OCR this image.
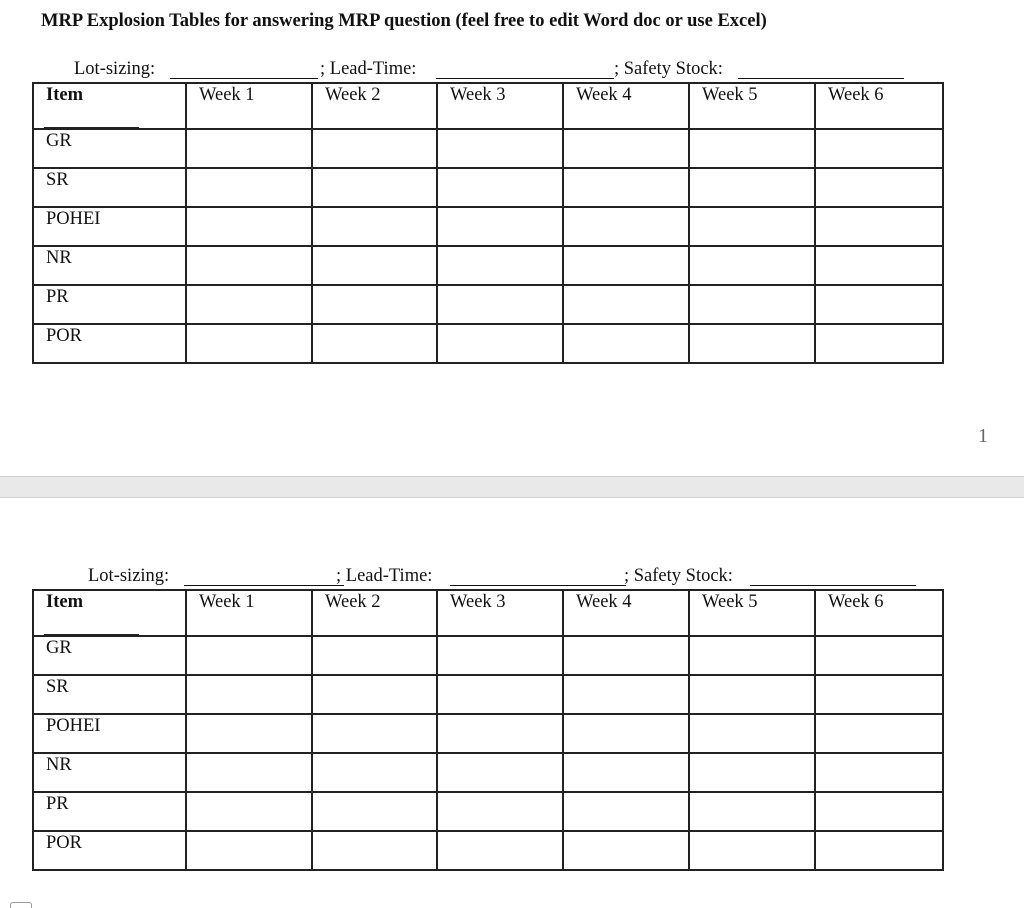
MRP Explosion Tables for answering MRP question (feel free to edit Word doc or use Excel)
Lot-sizing:	; Lead-Time:	; Safety Stock:
Item	Week 1	Week 2	Week 3	Week 4	Week 5	Week 6

GR						

SR						

POHEI						

NR						

PR						

POR						

1
Lot-sizing:	; Lead-Time:	; Safety Stock:
Item	Week 1	Week 2	Week 3	Week 4	Week 5	Week 6

GR						

SR						

POHEI						

NR						

PR						

POR						
